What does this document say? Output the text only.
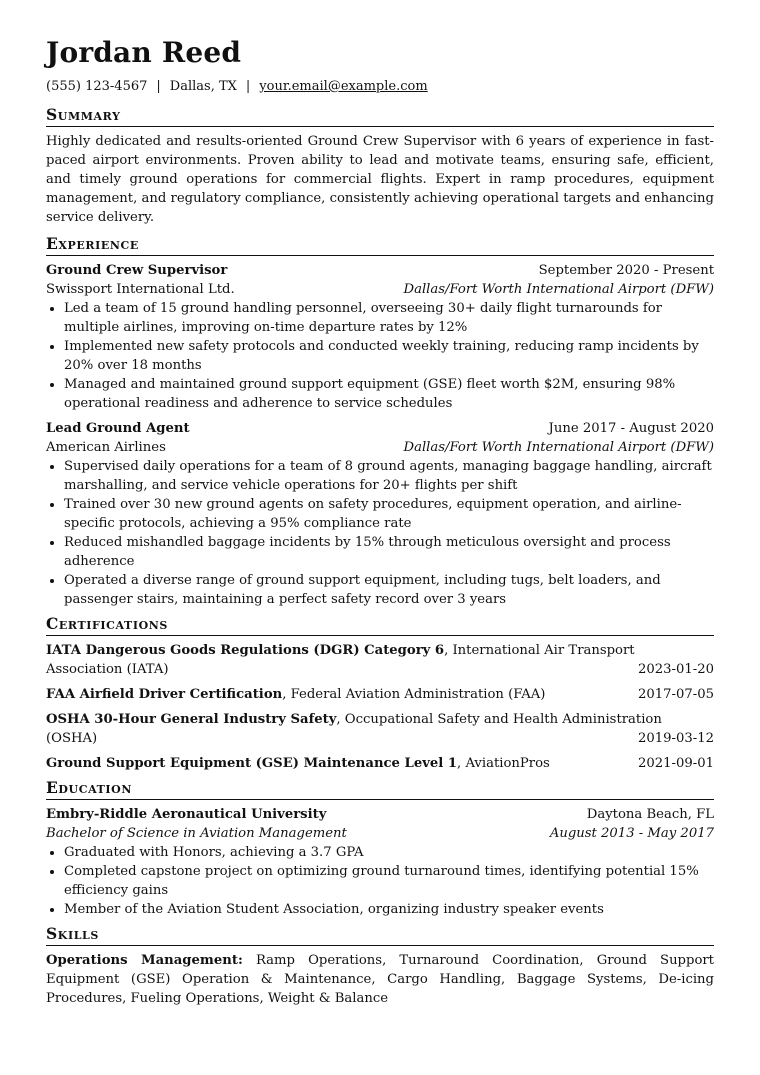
Jordan Reed
(555) 123-4567 | Dallas, TX | your.email@example.com
Summary

Highly dedicated and results-oriented Ground Crew Supervisor with 6 years of experience in fast-paced airport environments. Proven ability to lead and motivate teams, ensuring safe, efficient, and timely ground operations for commercial flights. Expert in ramp procedures, equipment management, and regulatory compliance, consistently achieving operational targets and enhancing service delivery.

Experience
Ground Crew Supervisor	September 2020 - Present
Swissport International Ltd.	Dallas/Fort Worth International Airport (DFW)
• Led a team of 15 ground handling personnel, overseeing 30+ daily flight turnarounds for multiple airlines, improving on-time departure rates by 12%
• Implemented new safety protocols and conducted weekly training, reducing ramp incidents by 20% over 18 months
• Managed and maintained ground support equipment (GSE) fleet worth $2M, ensuring 98% operational readiness and adherence to service schedules
Lead Ground Agent	June 2017 - August 2020
American Airlines	Dallas/Fort Worth International Airport (DFW)
• Supervised daily operations for a team of 8 ground agents, managing baggage handling, aircraft marshalling, and service vehicle operations for 20+ flights per shift
• Trained over 30 new ground agents on safety procedures, equipment operation, and airline-specific protocols, achieving a 95% compliance rate
• Reduced mishandled baggage incidents by 15% through meticulous oversight and process adherence
• Operated a diverse range of ground support equipment, including tugs, belt loaders, and passenger stairs, maintaining a perfect safety record over 3 years
Certifications
IATA Dangerous Goods Regulations (DGR) Category 6, International Air Transport Association (IATA)	2023-01-20
FAA Airfield Driver Certification, Federal Aviation Administration (FAA)	2017-07-05
OSHA 30-Hour General Industry Safety, Occupational Safety and Health Administration (OSHA)	2019-03-12
Ground Support Equipment (GSE) Maintenance Level 1, AviationPros	2021-09-01
Education
Embry-Riddle Aeronautical University	Daytona Beach, FL
Bachelor of Science in Aviation Management	August 2013 - May 2017
• Graduated with Honors, achieving a 3.7 GPA
• Completed capstone project on optimizing ground turnaround times, identifying potential 15% efficiency gains
• Member of the Aviation Student Association, organizing industry speaker events
Skills

Operations Management: Ramp Operations, Turnaround Coordination, Ground Support Equipment (GSE) Operation & Maintenance, Cargo Handling, Baggage Systems, De-icing Procedures, Fueling Operations, Weight & Balance
